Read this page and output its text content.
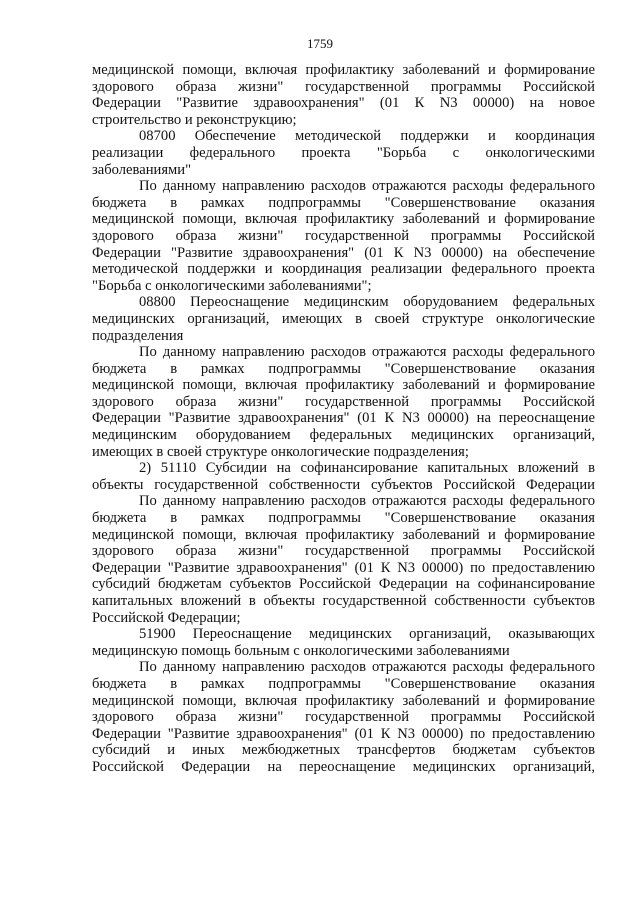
1759
медицинской помощи, включая профилактику заболеваний и формирование
здорового образа жизни" государственной программы Российской
Федерации "Развитие здравоохранения" (01 К N3 00000) на новое
строительство и реконструкцию;
08700 Обеспечение методической поддержки и координация
реализации федерального проекта "Борьба с онкологическими
заболеваниями"
По данному направлению расходов отражаются расходы федерального
бюджета в рамках подпрограммы "Совершенствование оказания
медицинской помощи, включая профилактику заболеваний и формирование
здорового образа жизни" государственной программы Российской
Федерации "Развитие здравоохранения" (01 К N3 00000) на обеспечение
методической поддержки и координация реализации федерального проекта
"Борьба с онкологическими заболеваниями";
08800 Переоснащение медицинским оборудованием федеральных
медицинских организаций, имеющих в своей структуре онкологические
подразделения
По данному направлению расходов отражаются расходы федерального
бюджета в рамках подпрограммы "Совершенствование оказания
медицинской помощи, включая профилактику заболеваний и формирование
здорового образа жизни" государственной программы Российской
Федерации "Развитие здравоохранения" (01 К N3 00000) на переоснащение
медицинским оборудованием федеральных медицинских организаций,
имеющих в своей структуре онкологические подразделения;
2) 51110 Субсидии на софинансирование капитальных вложений в
объекты государственной собственности субъектов Российской Федерации
По данному направлению расходов отражаются расходы федерального
бюджета в рамках подпрограммы "Совершенствование оказания
медицинской помощи, включая профилактику заболеваний и формирование
здорового образа жизни" государственной программы Российской
Федерации "Развитие здравоохранения" (01 К N3 00000) по предоставлению
субсидий бюджетам субъектов Российской Федерации на софинансирование
капитальных вложений в объекты государственной собственности субъектов
Российской Федерации;
51900 Переоснащение медицинских организаций, оказывающих
медицинскую помощь больным с онкологическими заболеваниями
По данному направлению расходов отражаются расходы федерального
бюджета в рамках подпрограммы "Совершенствование оказания
медицинской помощи, включая профилактику заболеваний и формирование
здорового образа жизни" государственной программы Российской
Федерации "Развитие здравоохранения" (01 К N3 00000) по предоставлению
субсидий и иных межбюджетных трансфертов бюджетам субъектов
Российской Федерации на переоснащение медицинских организаций,
